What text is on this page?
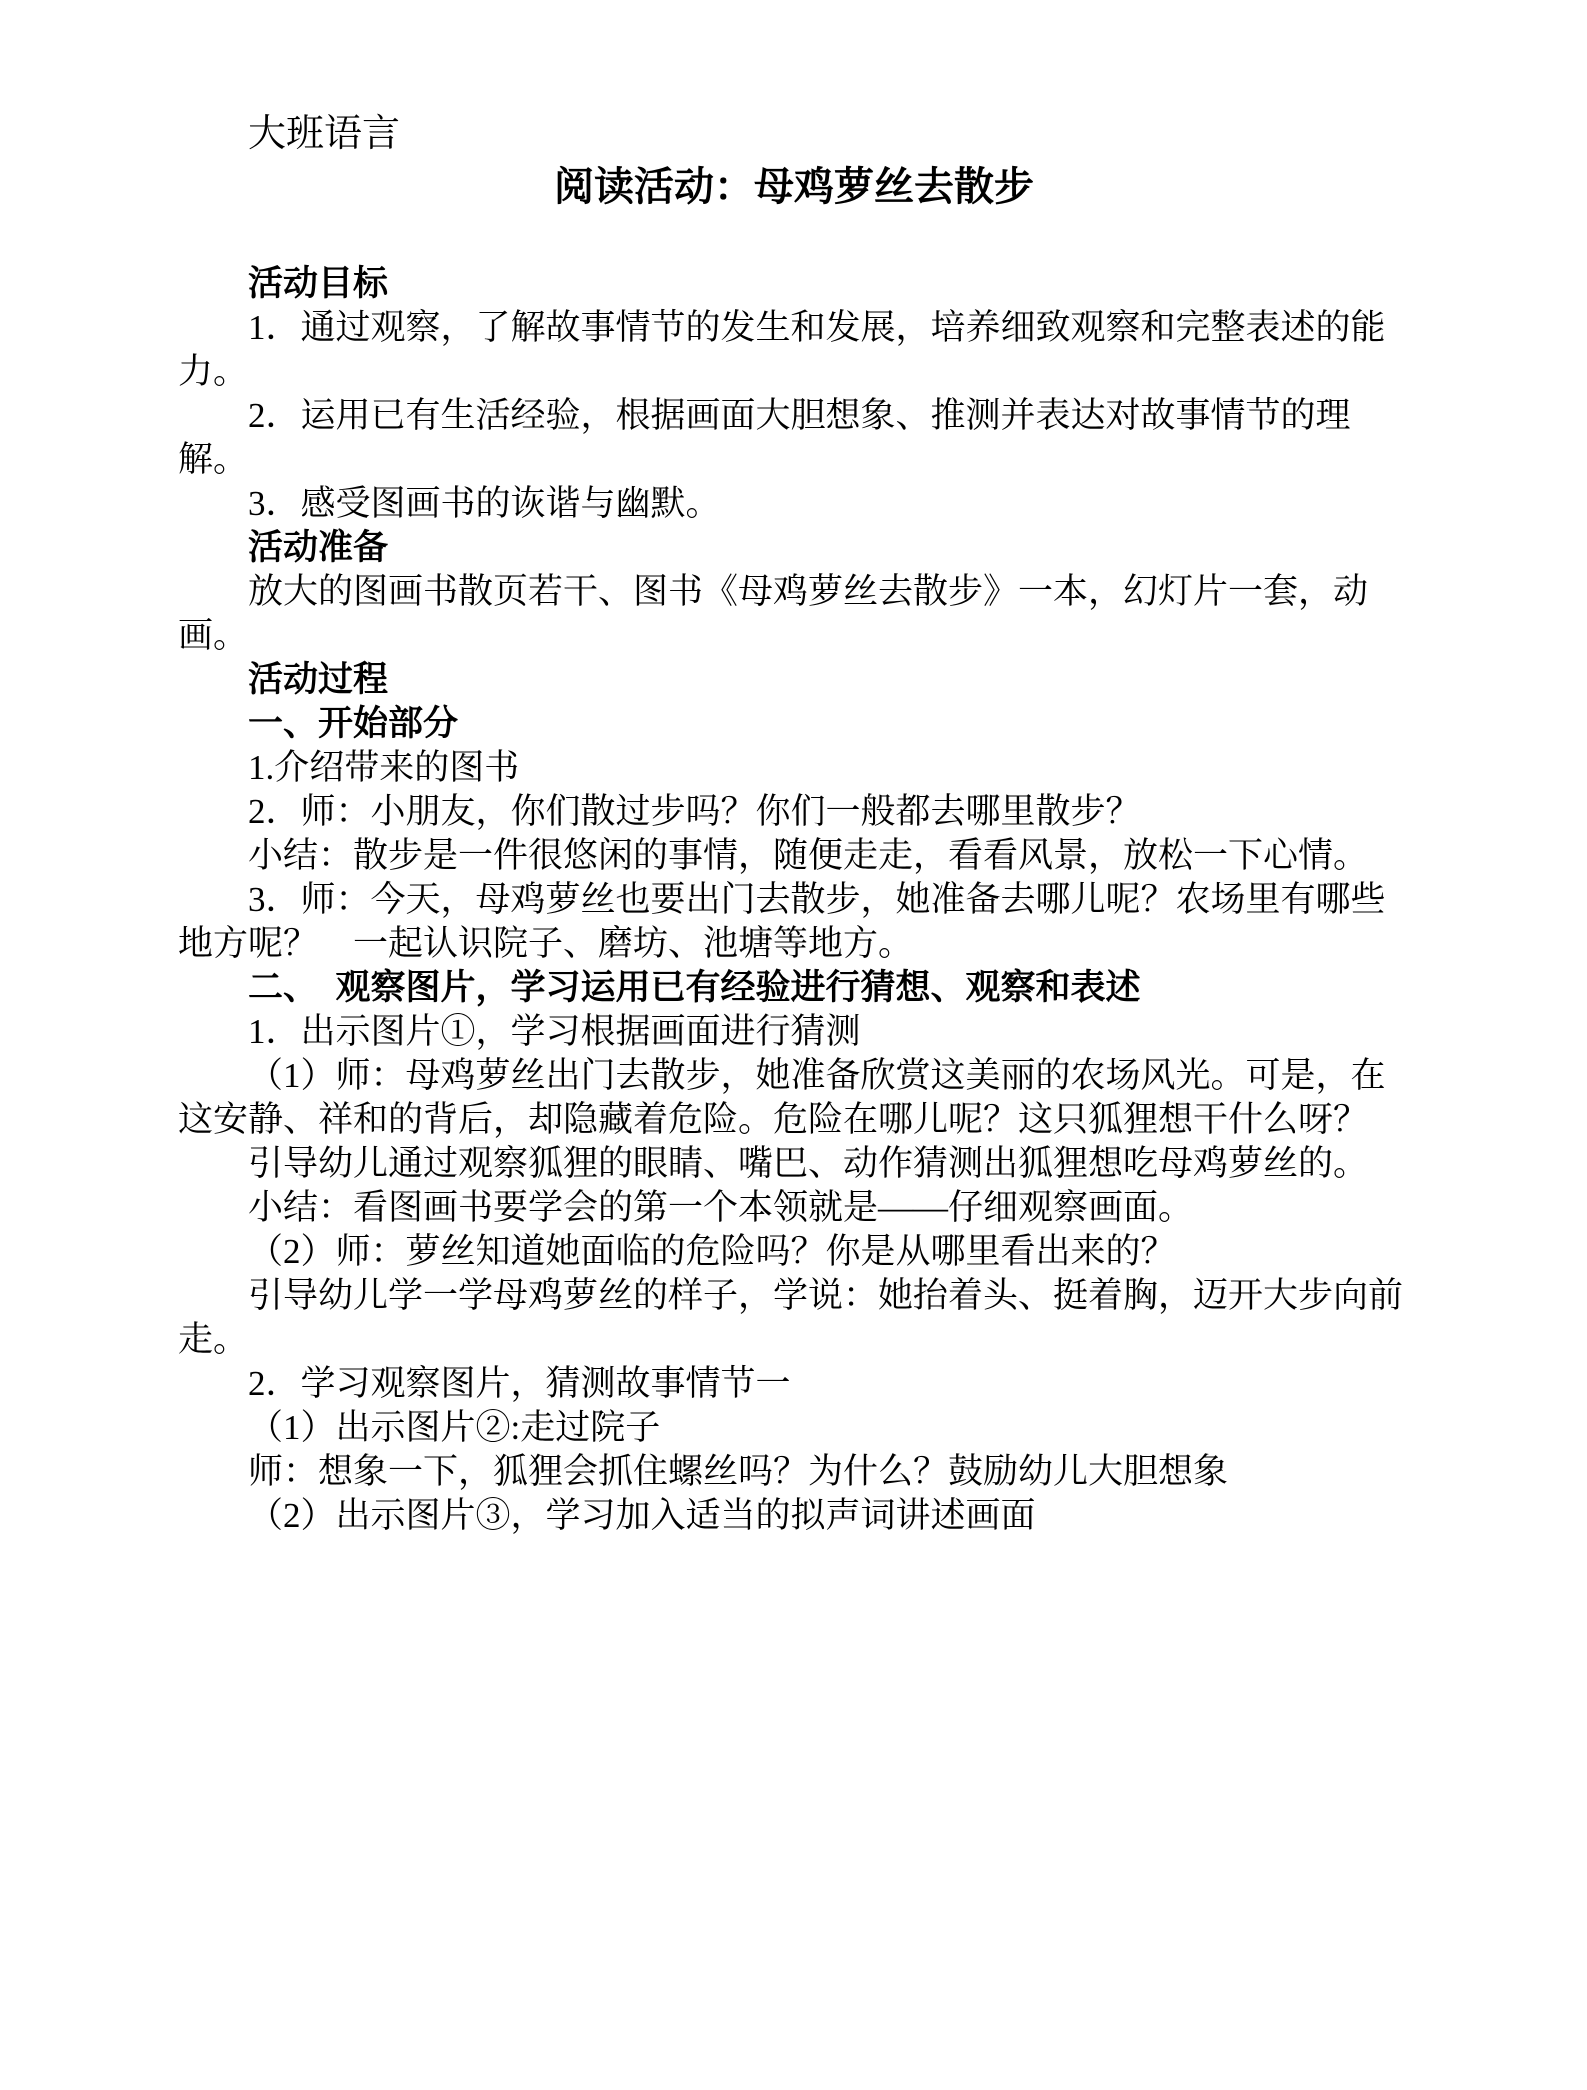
大班语言
阅读活动：母鸡萝丝去散步

活动目标

1．通过观察，了解故事情节的发生和发展，培养细致观察和完整表述的能力。

2．运用已有生活经验，根据画面大胆想象、推测并表达对故事情节的理解。

3．感受图画书的诙谐与幽默。

活动准备

放大的图画书散页若干、图书《母鸡萝丝去散步》一本，幻灯片一套，动画。

活动过程

一、开始部分

1.介绍带来的图书

2．师：小朋友，你们散过步吗？你们一般都去哪里散步？

小结：散步是一件很悠闲的事情，随便走走，看看风景，放松一下心情。

3．师：今天，母鸡萝丝也要出门去散步，她准备去哪儿呢？农场里有哪些地方呢？　一起认识院子、磨坊、池塘等地方。

二、　观察图片，学习运用已有经验进行猜想、观察和表述

1．出示图片①，学习根据画面进行猜测

（1）师：母鸡萝丝出门去散步，她准备欣赏这美丽的农场风光。可是，在这安静、祥和的背后，却隐藏着危险。危险在哪儿呢？这只狐狸想干什么呀？

引导幼儿通过观察狐狸的眼睛、嘴巴、动作猜测出狐狸想吃母鸡萝丝的。

小结：看图画书要学会的第一个本领就是——仔细观察画面。

（2）师：萝丝知道她面临的危险吗？你是从哪里看出来的？

引导幼儿学一学母鸡萝丝的样子，学说：她抬着头、挺着胸，迈开大步向前走。

2．学习观察图片，猜测故事情节一

（1）出示图片②:走过院子

师：想象一下，狐狸会抓住螺丝吗？为什么？鼓励幼儿大胆想象

（2）出示图片③，学习加入适当的拟声词讲述画面
